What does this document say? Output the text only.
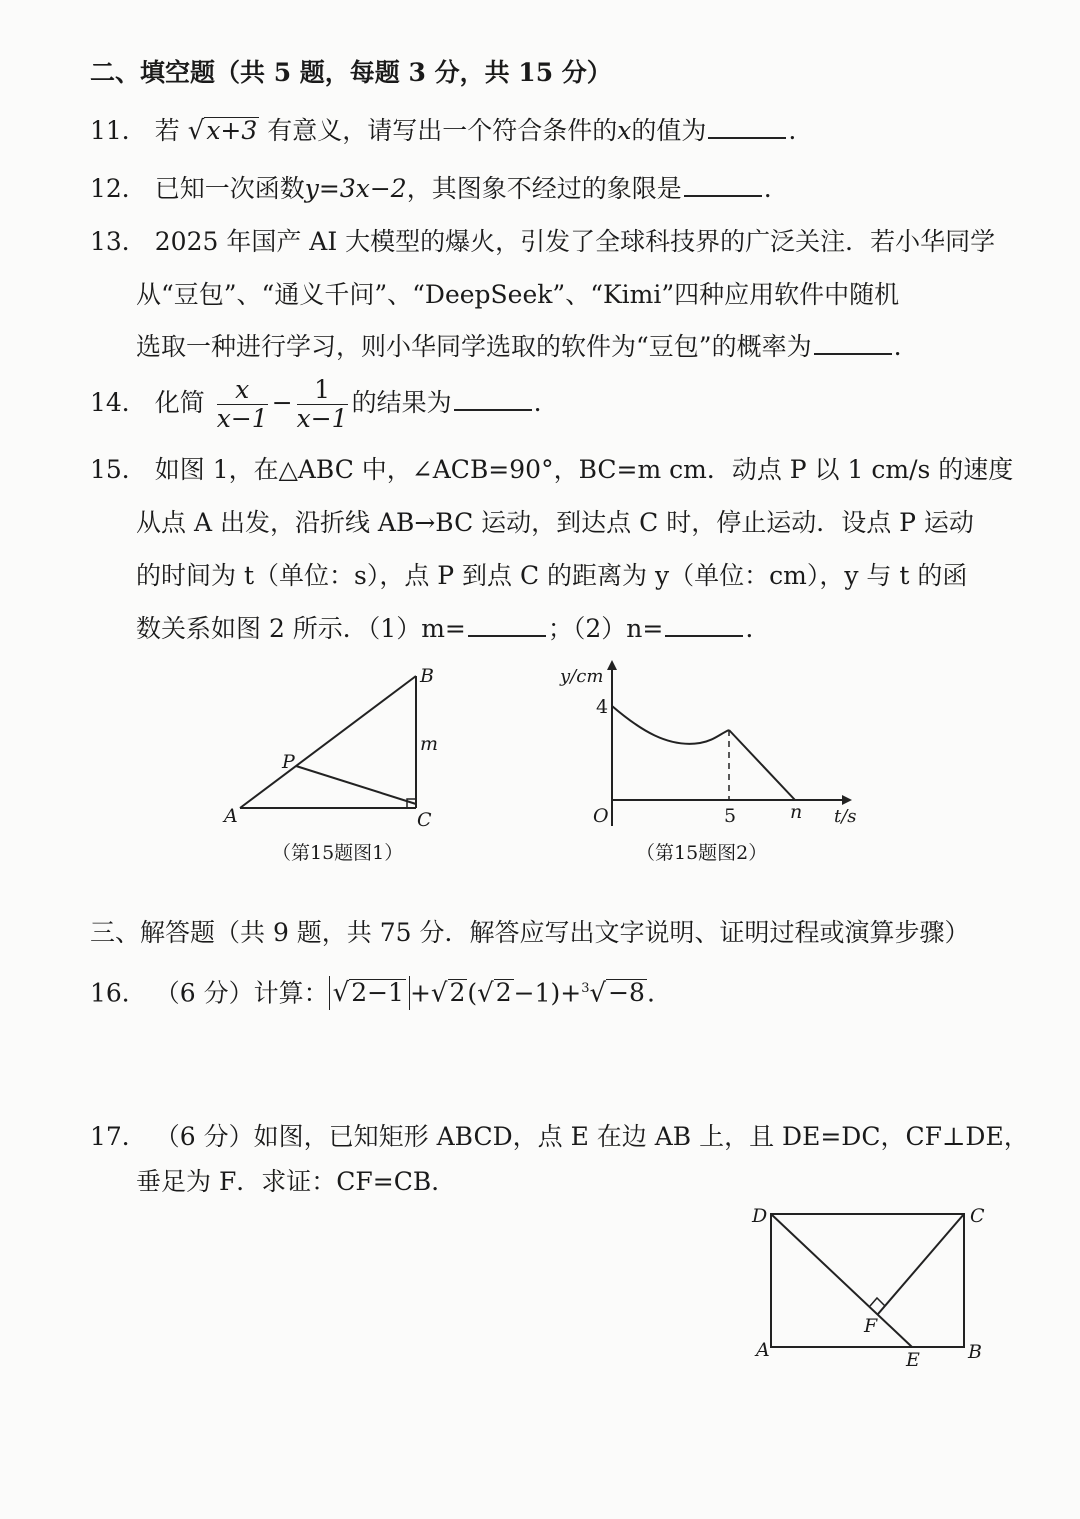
二、填空题（共 5 题，每题 3 分，共 15 分）
11． 若 √x+3 有意义，请写出一个符合条件的x的值为	.
12． 已知一次函数y=3x−2，其图象不经过的象限是	.
13． 2025 年国产 AI 大模型的爆火，引发了全球科技界的广泛关注．若小华同学
从“豆包”、“通义千问”、“DeepSeek”、“Kimi”四种应用软件中随机
选取一种进行学习，则小华同学选取的软件为“豆包”的概率为	.
14． 化简 $\frac{x}{x-1} - \frac{1}{x-1}$ 的结果为	.
15． 如图 1，在△ABC 中，∠ACB=90°，BC=m cm．动点 P 以 1 cm/s 的速度
从点 A 出发，沿折线 AB→BC 运动，到达点 C 时，停止运动．设点 P 运动
的时间为 t（单位：s），点 P 到点 C 的距离为 y（单位：cm），y 与 t 的函
数关系如图 2 所示．（1）m=	；（2）n=	.
A
B
C
P
m
（第15题图1）
y/cm
4
O	5	n t/s
（第15题图2）
三、解答题（共 9 题，共 75 分．解答应写出文字说明、证明过程或演算步骤）
16． （6 分）计算： √2−1 +√2(√2−1)+$^3$√−8.
17． （6 分）如图，已知矩形 ABCD，点 E 在边 AB 上，且 DE=DC，CF⊥DE，
垂足为 F．求证：CF=CB．
D	C
A	B
E
F
